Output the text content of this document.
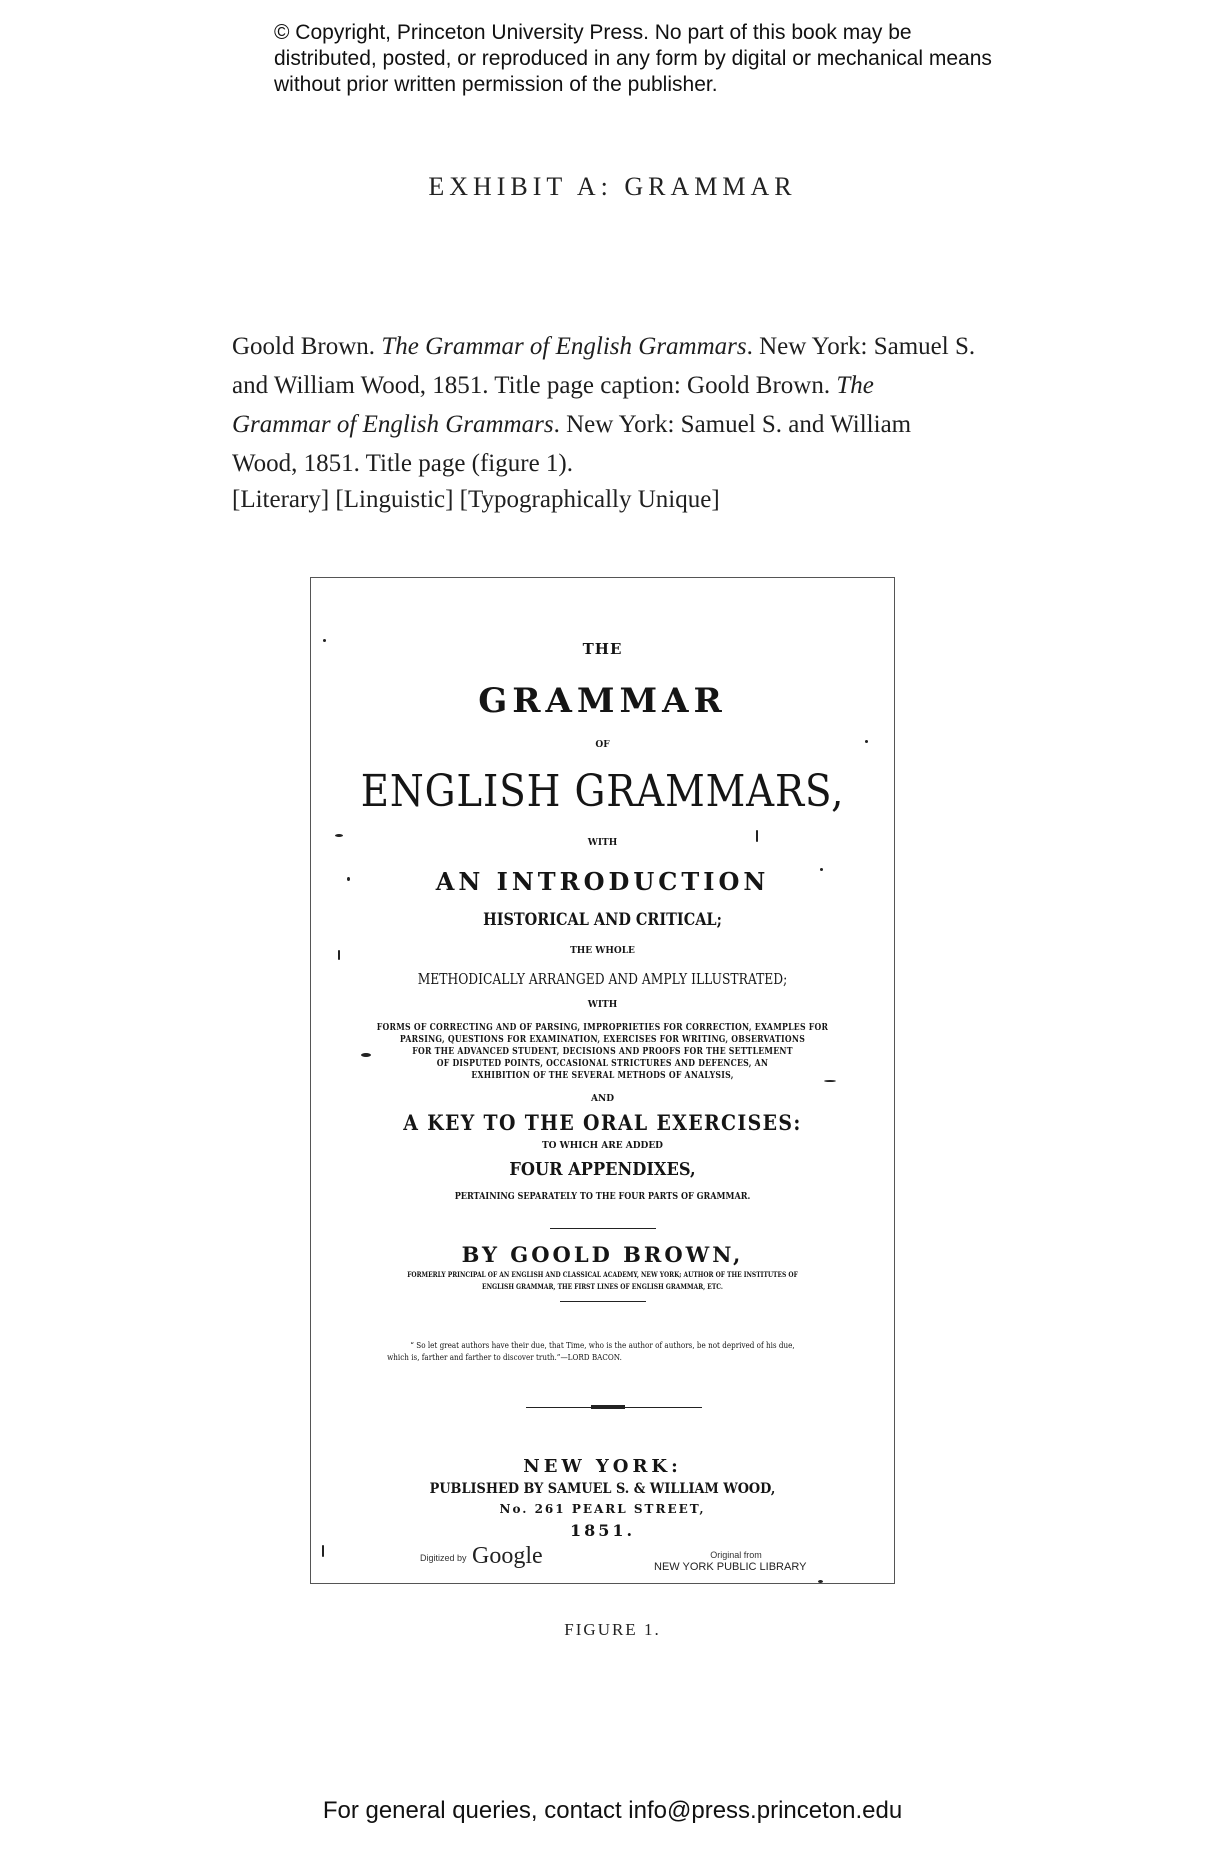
© Copyright, Princeton University Press. No part of this book may be distributed, posted, or reproduced in any form by digital or mechanical means without prior written permission of the publisher.
EXHIBIT A: GRAMMAR
Goold Brown. The Grammar of English Grammars. New York: Samuel S. and William Wood, 1851. Title page caption: Goold Brown. The Grammar of English Grammars. New York: Samuel S. and William Wood, 1851. Title page (figure 1).
[Literary] [Linguistic] [Typographically Unique]
THE
GRAMMAR
OF
ENGLISH GRAMMARS,
WITH
AN INTRODUCTION
HISTORICAL AND CRITICAL;
THE WHOLE
METHODICALLY ARRANGED AND AMPLY ILLUSTRATED;
WITH
FORMS OF CORRECTING AND OF PARSING, IMPROPRIETIES FOR CORRECTION, EXAMPLES FOR
PARSING, QUESTIONS FOR EXAMINATION, EXERCISES FOR WRITING, OBSERVATIONS
FOR THE ADVANCED STUDENT, DECISIONS AND PROOFS FOR THE SETTLEMENT
OF DISPUTED POINTS, OCCASIONAL STRICTURES AND DEFENCES, AN
EXHIBITION OF THE SEVERAL METHODS OF ANALYSIS,
AND
A KEY TO THE ORAL EXERCISES:
TO WHICH ARE ADDED
FOUR APPENDIXES,
PERTAINING SEPARATELY TO THE FOUR PARTS OF GRAMMAR.
BY GOOLD BROWN,
FORMERLY PRINCIPAL OF AN ENGLISH AND CLASSICAL ACADEMY, NEW YORK; AUTHOR OF THE INSTITUTES OF
ENGLISH GRAMMAR, THE FIRST LINES OF ENGLISH GRAMMAR, ETC.
“ So let great authors have their due, that Time, who is the author of authors, be not deprived of his due,
which is, farther and farther to discover truth.”—LORD BACON.
NEW YORK:
PUBLISHED BY SAMUEL S. & WILLIAM WOOD,
No. 261 PEARL STREET,
1851.
Digitized by Google	Original from
NEW YORK PUBLIC LIBRARY
FIGURE 1.
For general queries, contact info@press.princeton.edu
